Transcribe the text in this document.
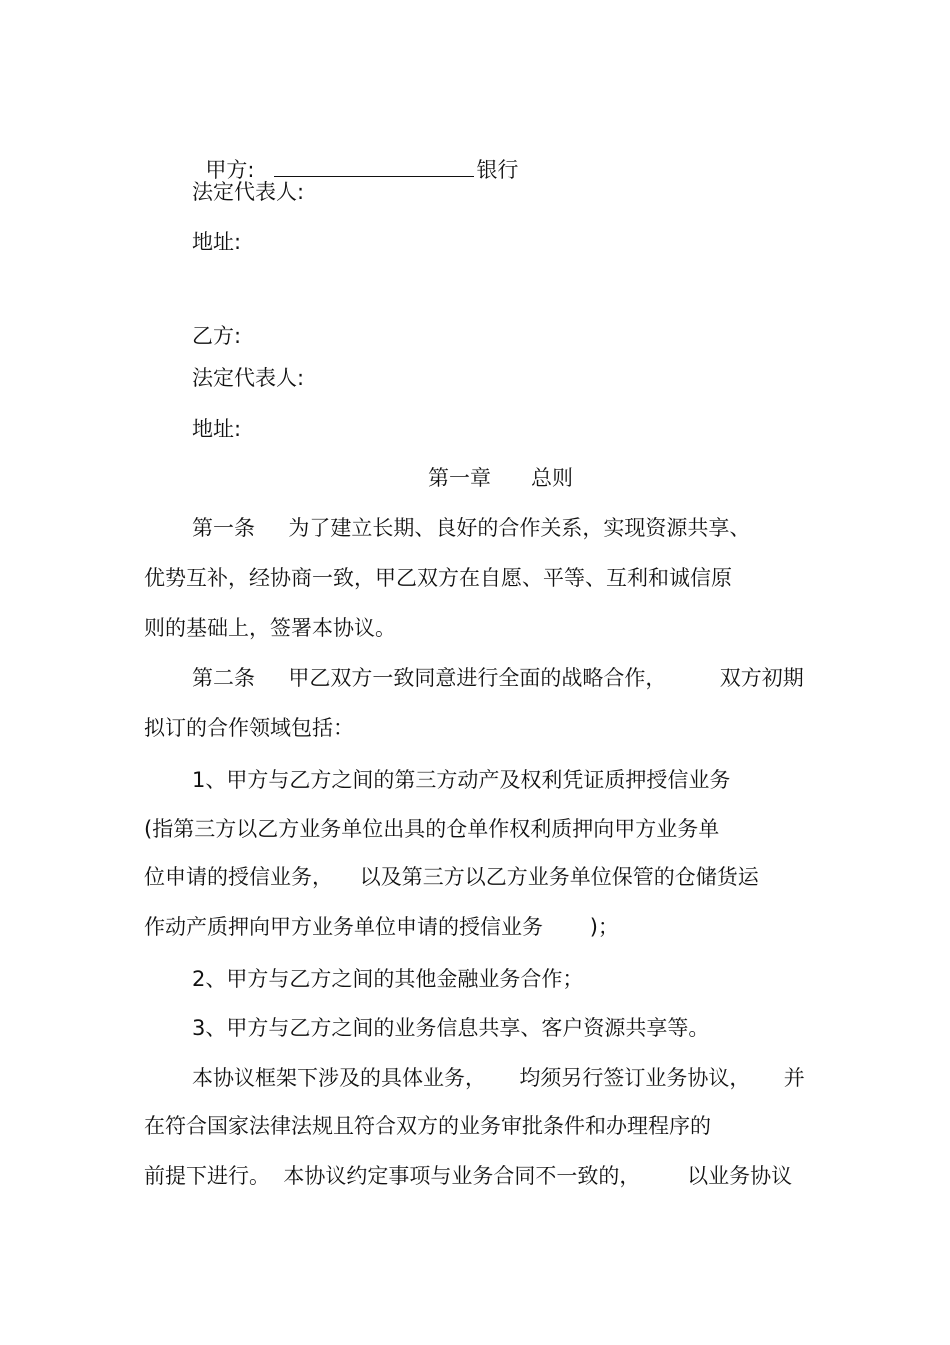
甲方:	银行

法定代表人:
地址:
乙方:
法定代表人:
地址:
第一章      总则
第一条     为了建立长期、良好的合作关系，实现资源共享、
优势互补，经协商一致，甲乙双方在自愿、平等、互利和诚信原
则的基础上，签署本协议。
第二条     甲乙双方一致同意进行全面的战略合作，        双方初期
拟订的合作领域包括：
1、甲方与乙方之间的第三方动产及权利凭证质押授信业务
(指第三方以乙方业务单位出具的仓单作权利质押向甲方业务单
位申请的授信业务，    以及第三方以乙方业务单位保管的仓储货运
作动产质押向甲方业务单位申请的授信业务       )；
2、甲方与乙方之间的其他金融业务合作；
3、甲方与乙方之间的业务信息共享、客户资源共享等。
本协议框架下涉及的具体业务，     均须另行签订业务协议，     并
在符合国家法律法规且符合双方的业务审批条件和办理程序的
前提下进行。  本协议约定事项与业务合同不一致的，       以业务协议
